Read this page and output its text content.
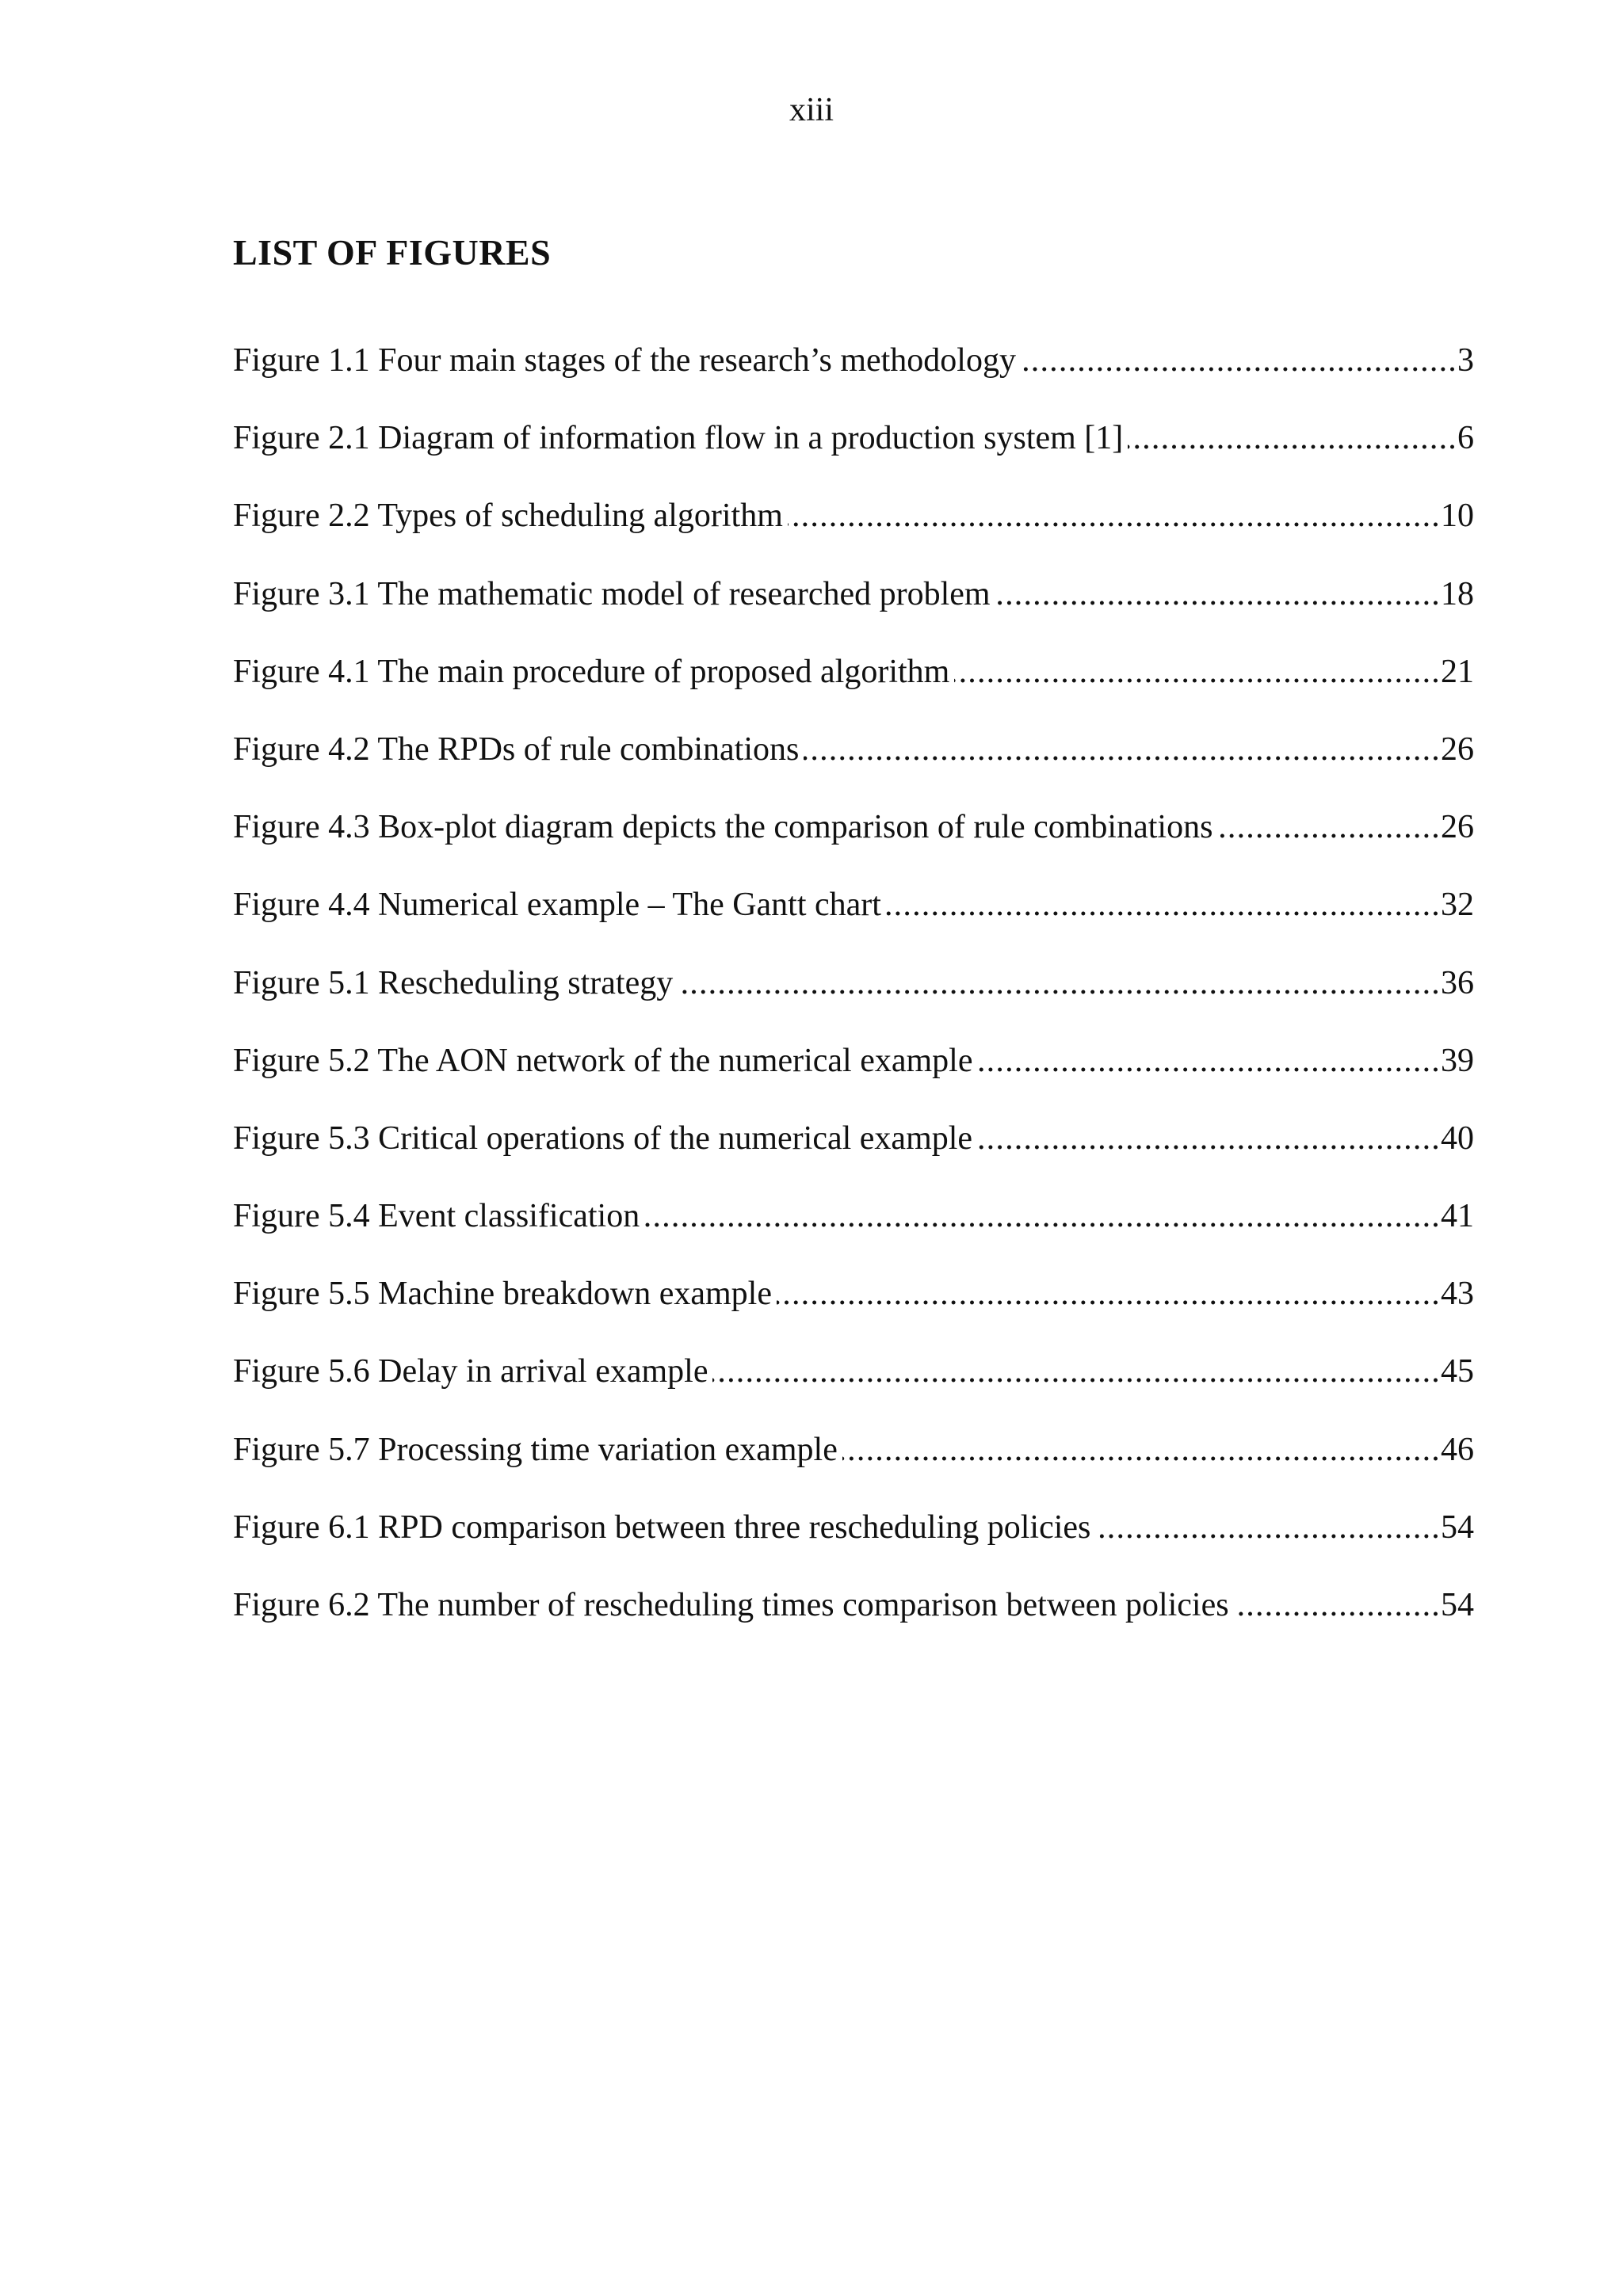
xiii
LIST OF FIGURES
Figure 1.1 Four main stages of the research’s methodology .....	3
Figure 2.1 Diagram of information flow in a production system [1] .....	6
Figure 2.2 Types of scheduling algorithm .....	10
Figure 3.1 The mathematic model of researched problem .....	18
Figure 4.1 The main procedure of proposed algorithm .....	21
Figure 4.2 The RPDs of rule combinations .....	26
Figure 4.3 Box-plot diagram depicts the comparison of rule combinations .....	26
Figure 4.4 Numerical example – The Gantt chart .....	32
Figure 5.1 Rescheduling strategy .....	36
Figure 5.2 The AON network of the numerical example .....	39
Figure 5.3 Critical operations of the numerical example .....	40
Figure 5.4 Event classification .....	41
Figure 5.5 Machine breakdown example .....	43
Figure 5.6 Delay in arrival example .....	45
Figure 5.7 Processing time variation example .....	46
Figure 6.1 RPD comparison between three rescheduling policies .....	54
Figure 6.2 The number of rescheduling times comparison between policies .....	54
